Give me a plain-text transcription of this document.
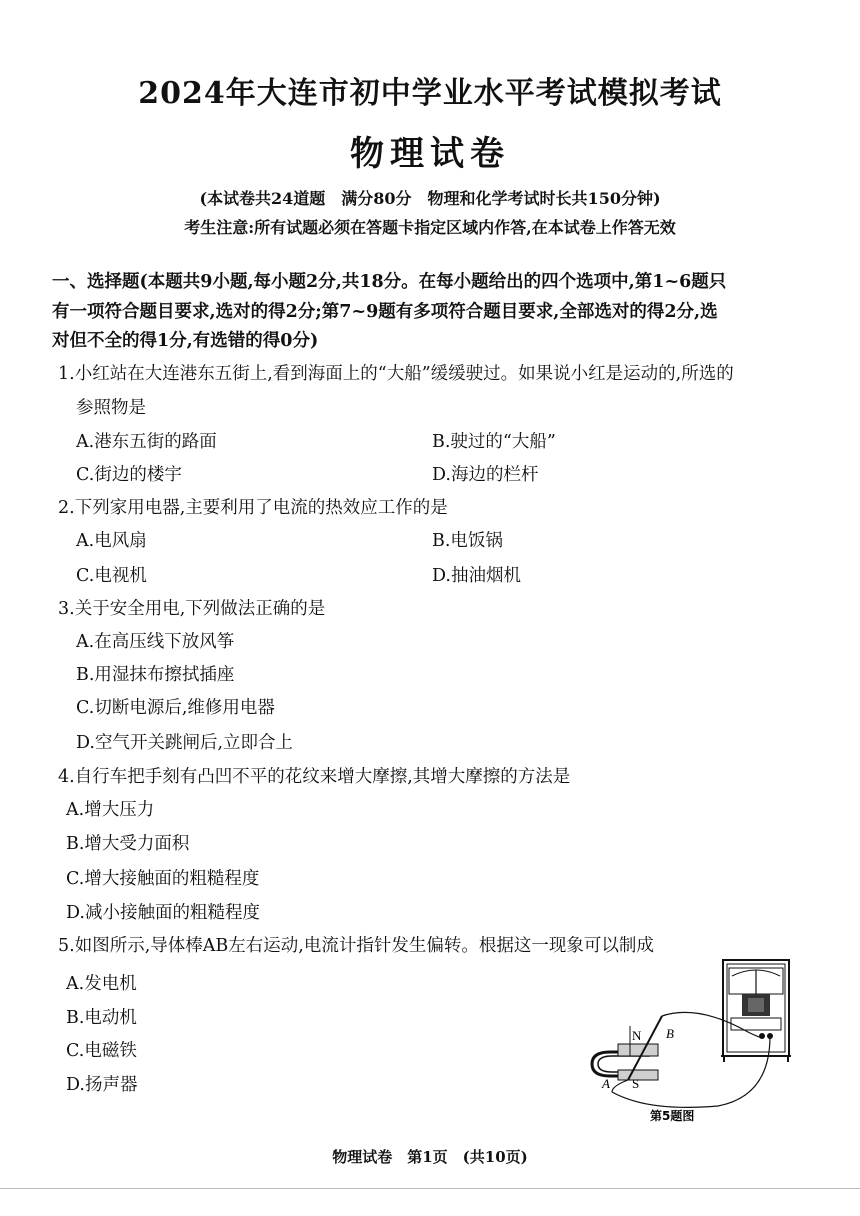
2024年大连市初中学业水平考试模拟考试
物理试卷
(本试卷共24道题　满分80分　物理和化学考试时长共150分钟)
考生注意:所有试题必须在答题卡指定区域内作答,在本试卷上作答无效
一、选择题(本题共9小题,每小题2分,共18分。在每小题给出的四个选项中,第1~6题只
有一项符合题目要求,选对的得2分;第7~9题有多项符合题目要求,全部选对的得2分,选
对但不全的得1分,有选错的得0分)
1.小红站在大连港东五街上,看到海面上的“大船”缓缓驶过。如果说小红是运动的,所选的
参照物是
A.港东五街的路面	B.驶过的“大船”
C.街边的楼宇	D.海边的栏杆
2.下列家用电器,主要利用了电流的热效应工作的是
A.电风扇	B.电饭锅
C.电视机	D.抽油烟机
3.关于安全用电,下列做法正确的是
A.在高压线下放风筝
B.用湿抹布擦拭插座
C.切断电源后,维修用电器
D.空气开关跳闸后,立即合上
4.自行车把手刻有凸凹不平的花纹来增大摩擦,其增大摩擦的方法是
A.增大压力
B.增大受力面积
C.增大接触面的粗糙程度
D.减小接触面的粗糙程度
5.如图所示,导体棒AB左右运动,电流计指针发生偏转。根据这一现象可以制成
A.发电机
B.电动机
C.电磁铁
D.扬声器
N
S
A
B
第5题图
物理试卷　第1页　(共10页)
